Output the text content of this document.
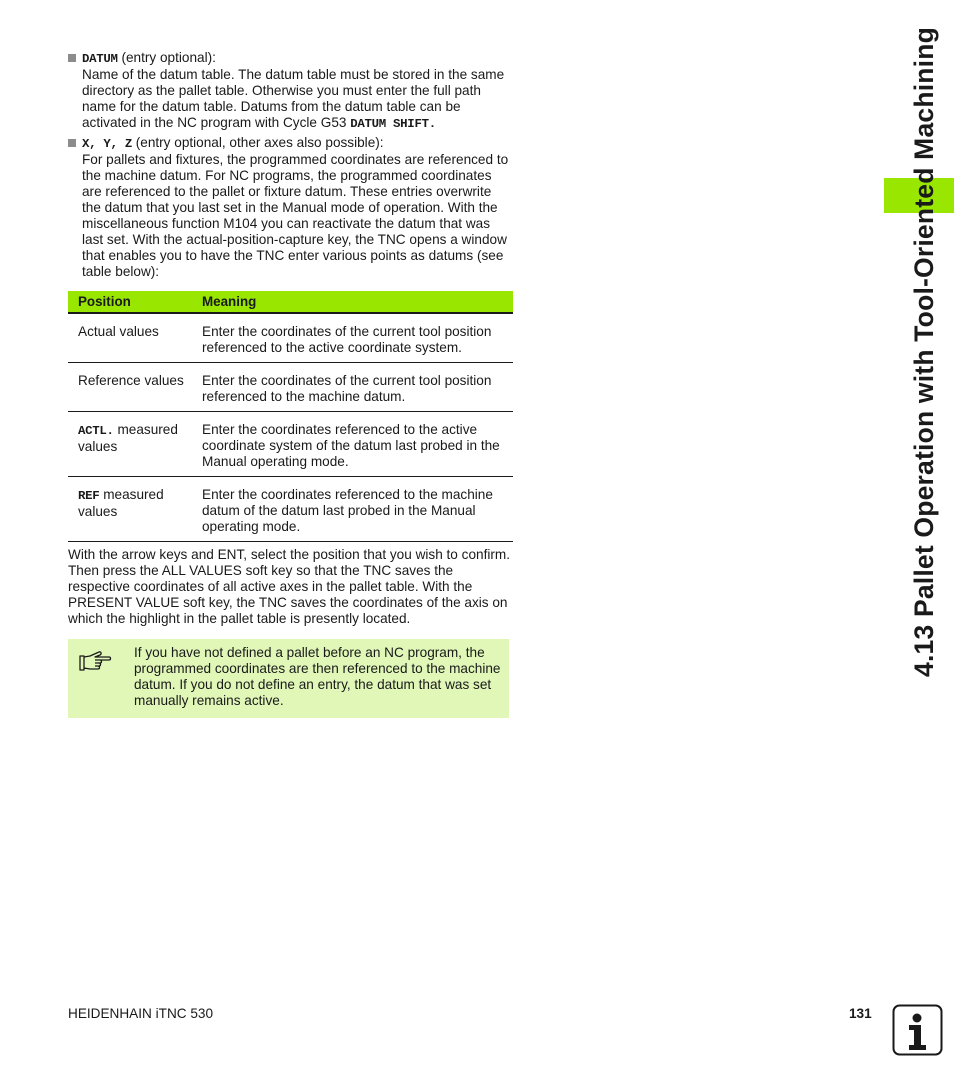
DATUM (entry optional):
Name of the datum table. The datum table must be stored in the same directory as the pallet table. Otherwise you must enter the full path name for the datum table. Datums from the datum table can be activated in the NC program with Cycle G53 DATUM SHIFT.
X, Y, Z (entry optional, other axes also possible):
For pallets and fixtures, the programmed coordinates are referenced to the machine datum. For NC programs, the programmed coordinates are referenced to the pallet or fixture datum. These entries overwrite the datum that you last set in the Manual mode of operation. With the miscellaneous function M104 you can reactivate the datum that was last set. With the actual-position-capture key, the TNC opens a window that enables you to have the TNC enter various points as datums (see table below):
Position	Meaning
Actual values	Enter the coordinates of the current tool position referenced to the active coordinate system.
Reference values	Enter the coordinates of the current tool position referenced to the machine datum.
ACTL. measured values	Enter the coordinates referenced to the active coordinate system of the datum last probed in the Manual operating mode.
REF measured values	Enter the coordinates referenced to the machine datum of the datum last probed in the Manual operating mode.
With the arrow keys and ENT, select the position that you wish to confirm. Then press the ALL VALUES soft key so that the TNC saves the respective coordinates of all active axes in the pallet table. With the PRESENT VALUE soft key, the TNC saves the coordinates of the axis on which the highlight in the pallet table is presently located.
If you have not defined a pallet before an NC program, the programmed coordinates are then referenced to the machine datum. If you do not define an entry, the datum that was set manually remains active.
4.13 Pallet Operation with Tool-Oriented Machining
HEIDENHAIN iTNC 530	131
